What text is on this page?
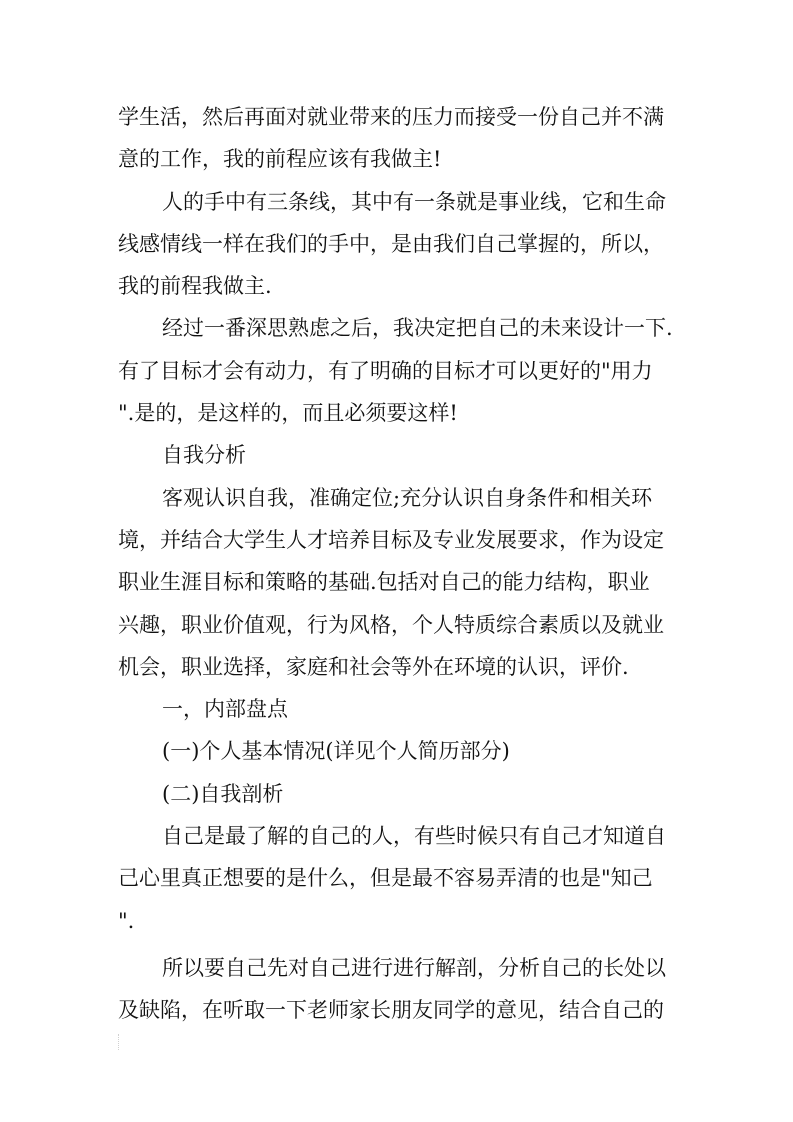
学生活，然后再面对就业带来的压力而接受一份自己并不满
意的工作，我的前程应该有我做主!
人的手中有三条线，其中有一条就是事业线，它和生命
线感情线一样在我们的手中，是由我们自己掌握的，所以，
我的前程我做主.
经过一番深思熟虑之后，我决定把自己的未来设计一下.
有了目标才会有动力，有了明确的目标才可以更好的"用力
".是的，是这样的，而且必须要这样!
自我分析
客观认识自我，准确定位;充分认识自身条件和相关环
境，并结合大学生人才培养目标及专业发展要求，作为设定
职业生涯目标和策略的基础.包括对自己的能力结构，职业
兴趣，职业价值观，行为风格，个人特质综合素质以及就业
机会，职业选择，家庭和社会等外在环境的认识，评价.
一，内部盘点
(一)个人基本情况(详见个人简历部分)
(二)自我剖析
自己是最了解的自己的人，有些时候只有自己才知道自
己心里真正想要的是什么，但是最不容易弄清的也是"知己
".
所以要自己先对自己进行进行解剖，分析自己的长处以
及缺陷，在听取一下老师家长朋友同学的意见，结合自己的
